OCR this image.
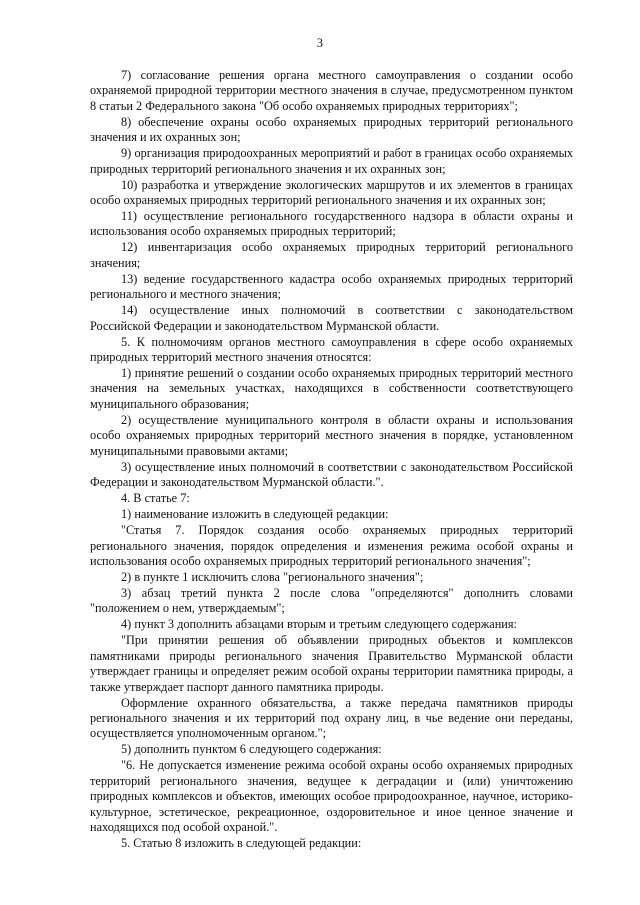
3

7) согласование решения органа местного самоуправления о создании особо охраняемой природной территории местного значения в случае, предусмотренном пунктом 8 статьи 2 Федерального закона "Об особо охраняемых природных территориях";

8) обеспечение охраны особо охраняемых природных территорий регионального значения и их охранных зон;

9) организация природоохранных мероприятий и работ в границах особо охраняемых природных территорий регионального значения и их охранных зон;

10) разработка и утверждение экологических маршрутов и их элементов в границах особо охраняемых природных территорий регионального значения и их охранных зон;

11) осуществление регионального государственного надзора в области охраны и использования особо охраняемых природных территорий;

12) инвентаризация особо охраняемых природных территорий регионального значения;

13) ведение государственного кадастра особо охраняемых природных территорий регионального и местного значения;

14) осуществление иных полномочий в соответствии с законодательством Российской Федерации и законодательством Мурманской области.

5. К полномочиям органов местного самоуправления в сфере особо охраняемых природных территорий местного значения относятся:

1) принятие решений о создании особо охраняемых природных территорий местного значения на земельных участках, находящихся в собственности соответствующего муниципального образования;

2) осуществление муниципального контроля в области охраны и использования особо охраняемых природных территорий местного значения в порядке, установленном муниципальными правовыми актами;

3) осуществление иных полномочий в соответствии с законодательством Российской Федерации и законодательством Мурманской области.".

4. В статье 7:

1) наименование изложить в следующей редакции:

"Статья 7. Порядок создания особо охраняемых природных территорий регионального значения, порядок определения и изменения режима особой охраны и использования особо охраняемых природных территорий регионального значения";

2) в пункте 1 исключить слова "регионального значения";

3) абзац третий пункта 2 после слова "определяются" дополнить словами "положением о нем, утверждаемым";

4) пункт 3 дополнить абзацами вторым и третьим следующего содержания:

"При принятии решения об объявлении природных объектов и комплексов памятниками природы регионального значения Правительство Мурманской области утверждает границы и определяет режим особой охраны территории памятника природы, а также утверждает паспорт данного памятника природы.

Оформление охранного обязательства, а также передача памятников природы регионального значения и их территорий под охрану лиц, в чье ведение они переданы, осуществляется уполномоченным органом.";

5) дополнить пунктом 6 следующего содержания:

"6. Не допускается изменение режима особой охраны особо охраняемых природных территорий регионального значения, ведущее к деградации и (или) уничтожению природных комплексов и объектов, имеющих особое природоохранное, научное, историко-культурное, эстетическое, рекреационное, оздоровительное и иное ценное значение и находящихся под особой охраной.".

5. Статью 8 изложить в следующей редакции:
